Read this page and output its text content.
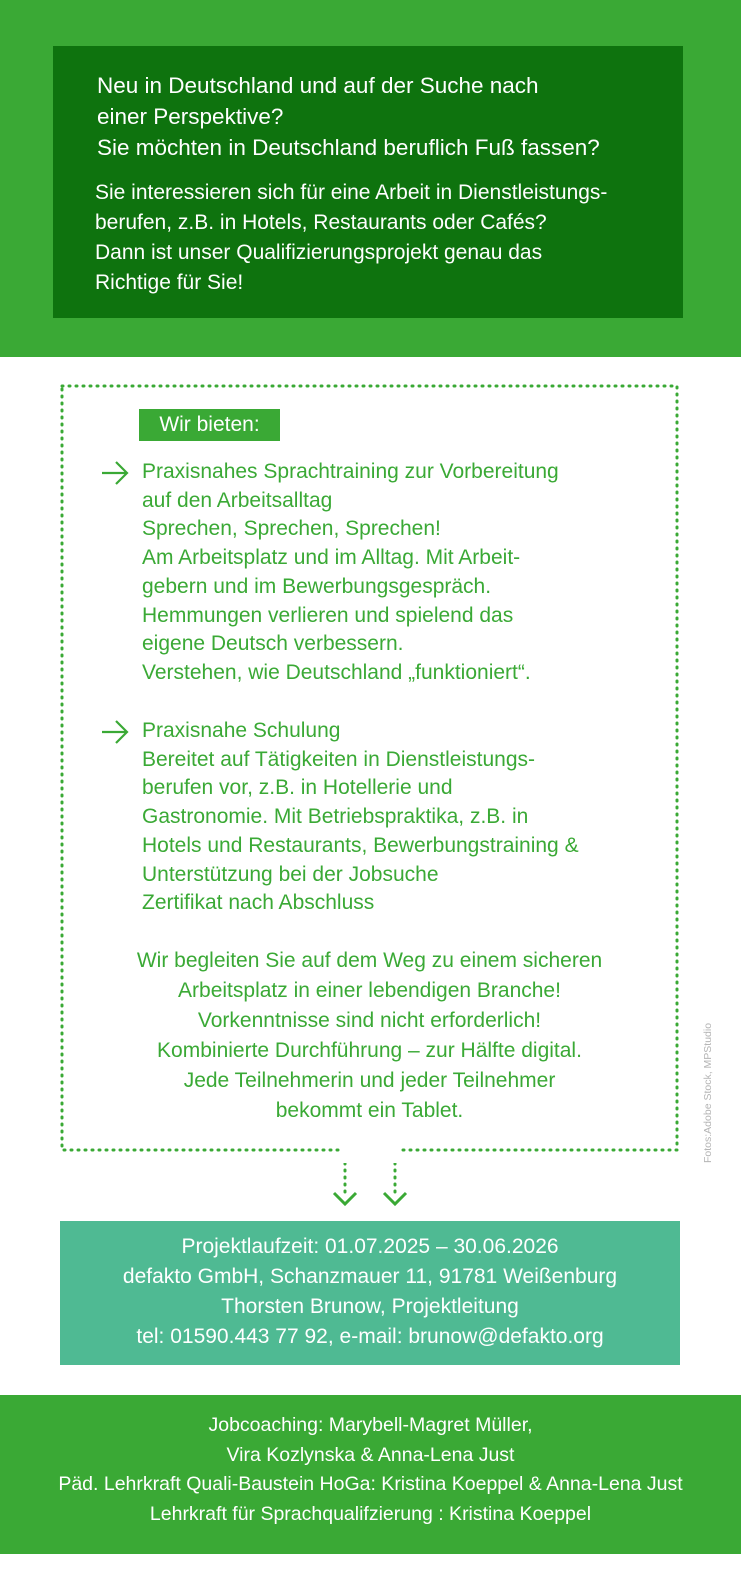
Neu in Deutschland und auf der Suche nach
einer Perspektive?
Sie möchten in Deutschland beruflich Fuß fassen?
Sie interessieren sich für eine Arbeit in Dienstleistungs-
berufen, z.B. in Hotels, Restaurants oder Cafés?
Dann ist unser Qualifizierungsprojekt genau das
Richtige für Sie!
Wir bieten:
Praxisnahes Sprachtraining zur Vorbereitung
auf den Arbeitsalltag
Sprechen, Sprechen, Sprechen!
Am Arbeitsplatz und im Alltag. Mit Arbeit-
gebern und im Bewerbungsgespräch.
Hemmungen verlieren und spielend das
eigene Deutsch verbessern.
Verstehen, wie Deutschland „funktioniert“.
Praxisnahe Schulung
Bereitet auf Tätigkeiten in Dienstleistungs-
berufen vor, z.B. in Hotellerie und
Gastronomie. Mit Betriebspraktika, z.B. in
Hotels und Restaurants, Bewerbungstraining &
Unterstützung bei der Jobsuche
Zertifikat nach Abschluss
Wir begleiten Sie auf dem Weg zu einem sicheren
Arbeitsplatz in einer lebendigen Branche!
Vorkenntnisse sind nicht erforderlich!
Kombinierte Durchführung – zur Hälfte digital.
Jede Teilnehmerin und jeder Teilnehmer
bekommt ein Tablet.	Fotos:Adobe Stock, MPStudio
Projektlaufzeit: 01.07.2025 – 30.06.2026
defakto GmbH, Schanzmauer 11, 91781 Weißenburg
Thorsten Brunow, Projektleitung
tel: 01590.443 77 92, e-mail: brunow@defakto.org
Jobcoaching: Marybell-Magret Müller,
Vira Kozlynska & Anna-Lena Just
Päd. Lehrkraft Quali-Baustein HoGa: Kristina Koeppel & Anna-Lena Just
Lehrkraft für Sprachqualifzierung : Kristina Koeppel
